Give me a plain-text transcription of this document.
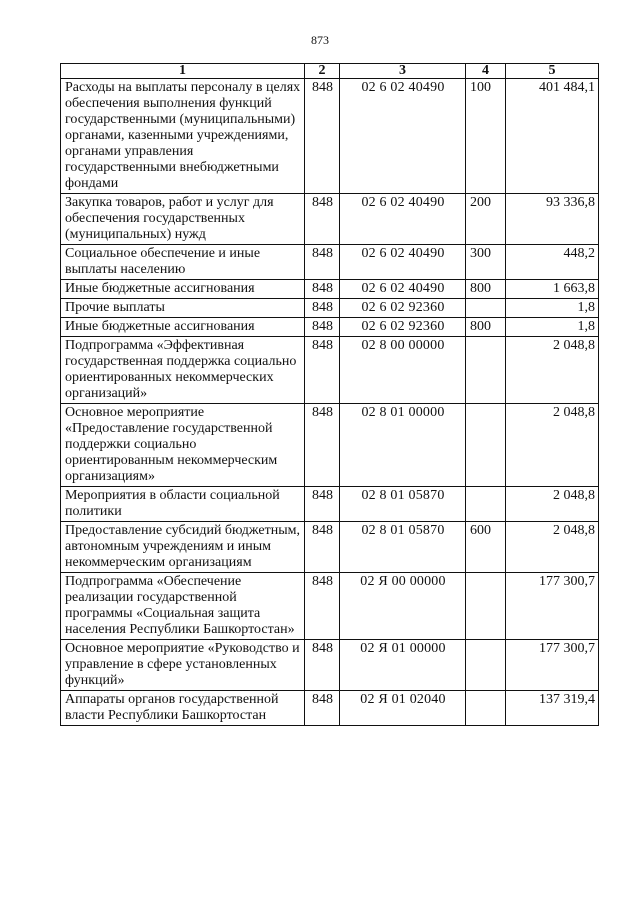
873
1	2	3	4	5
Расходы на выплаты персоналу в целях обеспечения выполнения функций государственными (муниципальными) органами, казенными учреждениями, органами управления государственными внебюджетными фондами	848	02 6 02 40490	100	401 484,1
Закупка товаров, работ и услуг для обеспечения государственных (муниципальных) нужд	848	02 6 02 40490	200	93 336,8
Социальное обеспечение и иные выплаты населению	848	02 6 02 40490	300	448,2
Иные бюджетные ассигнования	848	02 6 02 40490	800	1 663,8
Прочие выплаты	848	02 6 02 92360		1,8
Иные бюджетные ассигнования	848	02 6 02 92360	800	1,8
Подпрограмма «Эффективная государственная поддержка социально ориентированных некоммерческих организаций»	848	02 8 00 00000		2 048,8
Основное мероприятие «Предоставление государственной поддержки социально ориентированным некоммерческим организациям»	848	02 8 01 00000		2 048,8
Мероприятия в области социальной политики	848	02 8 01 05870		2 048,8
Предоставление субсидий бюджетным, автономным учреждениям и иным некоммерческим организациям	848	02 8 01 05870	600	2 048,8
Подпрограмма «Обеспечение реализации государственной программы «Социальная защита населения Республики Башкортостан»	848	02 Я 00 00000		177 300,7
Основное мероприятие «Руководство и управление в сфере установленных функций»	848	02 Я 01 00000		177 300,7
Аппараты органов государственной власти Республики Башкортостан	848	02 Я 01 02040		137 319,4
